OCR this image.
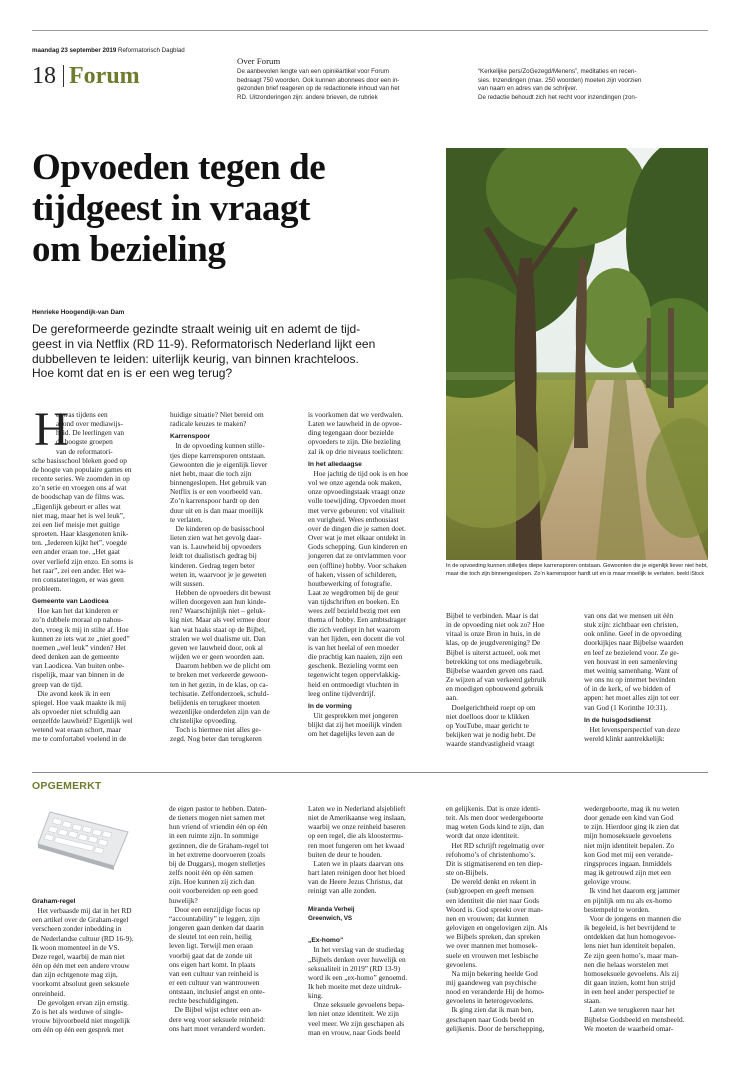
maandag 23 september 2019 Reformatorisch Dagblad
18 Forum
Over Forum
De aanbevolen lengte van een opiniëartikel voor Forum
bedraagt 750 woorden. Ook kunnen abonnees door een in-
gezonden brief reageren op de redactionele inhoud van het
RD. Uitzonderingen zijn: andere brieven, de rubriek
“Kerkelijke pers/ZoGezegd/Menens”, meditaties en recen-
sies. Inzendingen (max. 250 woorden) moeten zijn voorzien
van naam en adres van de schrijver.
De redactie behoudt zich het recht voor inzendingen (zon-
Opvoeden tegen de
tijdgeest in vraagt
om bezieling
Henrieke Hoogendijk-van Dam
De gereformeerde gezindte straalt weinig uit en ademt de tijd-
geest in via Netflix (RD 11-9). Reformatorisch Nederland lijkt een
dubbelleven te leiden: uiterlijk keurig, van binnen krachteloos.
Hoe komt dat en is er een weg terug?
In de opvoeding kunnen stilletjes diepe karrensporen ontstaan. Gewoonten die je eigenlijk liever niet hebt, maar die toch zijn binnengeslopen. Zo’n karrenspoor hardt uit en is maar moeilijk te verlaten. beeld iStock
H
et was tijdens een
avond over mediawijs-
heid. De leerlingen van
de hoogste groepen
van de reformatori-
sche basisschool bleken goed op
de hoogte van populaire games en
recente series. We zoomden in op
zo’n serie en vroegen ons af wat
de boodschap van de films was.
„Eigenlijk gebeurt er alles wat
niet mag, maar het is wel leuk”,
zei een lief meisje met guitige
sproeten. Haar klasgenoten knik-
ten. „Iedereen kijkt het”, voegde
een ander eraan toe. „Het gaat
over verliefd zijn enzo. En soms is
het raar”, zei een ander. Het wa-
ren constateringen, er was geen
probleem.
Gemeente van Laodicea
Hoe kan het dat kinderen er
zo’n dubbele moraal op nahou-
den, vroeg ik mij in stilte af. Hoe
kunnen ze iets wat ze „niet goed”
noemen „wel leuk” vinden? Het
deed denken aan de gemeente
van Laodicea. Van buiten onbe-
rispelijk, maar van binnen in de
greep van de tijd.
Die avond keek ik in een
spiegel. Hoe vaak maakte ik mij
als opvoeder niet schuldig aan
eenzelfde lauwheid? Eigenlijk wel
wetend wat eraan schort, maar
me te comfortabel voelend in de
huidige situatie? Niet bereid om
radicale keuzes te maken?
Karrenspoor
In de opvoeding kunnen stille-
tjes diepe karrensporen ontstaan.
Gewoonten die je eigenlijk liever
niet hebt, maar die toch zijn
binnengeslopen. Het gebruik van
Netflix is er een voorbeeld van.
Zo’n karrenspoor hardt op den
duur uit en is dan maar moeilijk
te verlaten.
De kinderen op de basisschool
lieten zien wat het gevolg daar-
van is. Lauwheid bij opvoeders
leidt tot dualistisch gedrag bij
kinderen. Gedrag tegen beter
weten in, waarvoor je je geweten
wilt sussen.
Hebben de opvoeders dit bewust
willen doorgeven aan hun kinde-
ren? Waarschijnlijk niet – geluk-
kig niet. Maar als veel ermee door
kan wat haaks staat op de Bijbel,
stralen we wel dualisme uit. Dan
geven we lauwheid door, ook al
wijden we er geen woorden aan.
Daarom hebben we de plicht om
te breken met verkeerde gewoon-
ten in het gezin, in de klas, op ca-
techisatie. Zelfonderzoek, schuld-
belijdenis en terugkeer moeten
wezenlijke onderdelen zijn van de
christelijke opvoeding.
Toch is hiermee niet alles ge-
zegd. Nog beter dan terugkeren
is voorkomen dat we verdwalen.
Laten we lauwheid in de opvoe-
ding tegengaan door bezielde
opvoeders te zijn. Die bezieling
zal ik op drie niveaus toelichten:
In het alledaagse
Hoe jachtig de tijd ook is en hoe
vol we onze agenda ook maken,
onze opvoedingstaak vraagt onze
volle toewijding. Opvoeden moet
met verve gebeuren: vol vitaliteit
en vurigheid. Wees enthousiast
over de dingen die je samen doet.
Over wat je met elkaar ontdekt in
Gods schepping. Gun kinderen en
jongeren dat ze ontvlammen voor
een (offline) hobby. Voor schaken
of haken, vissen of schilderen,
houtbewerking of fotografie.
Laat ze wegdromen bij de geur
van tijdschriften en boeken. En
wees zelf bezield bezig met een
thema of hobby. Een ambtsdrager
die zich verdiept in het waarom
van het lijden, een docent die vol
is van het heelal of een moeder
die prachtig kan naaien, zijn een
geschenk. Bezieling vormt een
tegenwicht tegen oppervlakkig-
heid en ontmoedigt vluchten in
leeg online tijdverdrijf.
In de vorming
Uit gesprekken met jongeren
blijkt dat zij het moeilijk vinden
om het dagelijks leven aan de
Bijbel te verbinden. Maar is dat
in de opvoeding niet ook zo? Hoe
vitaal is onze Bron in huis, in de
klas, op de jeugdvereniging? De
Bijbel is uiterst actueel, ook met
betrekking tot ons mediagebruik.
Bijbelse waarden geven ons raad.
Ze wijzen af van verkeerd gebruik
en moedigen opbouwend gebruik
aan.
Doelgerichtheid roept op om
niet doelloos door te klikken
op YouTube, maar gericht te
bekijken wat je nodig hebt. De
waarde standvastigheid vraagt
van ons dat we mensen uit één
stuk zijn: zichtbaar een christen,
ook online. Geef in de opvoeding
doorkijkjes naar Bijbelse waarden
en leef ze bezielend voor. Ze ge-
ven houvast in een samenleving
met weinig samenhang. Want of
we ons nu op internet bevinden
of in de kerk, of we bidden of
appen: het moet alles zijn tot eer
van God (1 Korinthe 10:31).
In de huisgodsdienst
Het levensperspectief van deze
wereld klinkt aantrekkelijk:
OPGEMERKT
Graham-regel
Het verbaasde mij dat in het RD
een artikel over de Graham-regel
verscheen zonder inbedding in
de Nederlandse cultuur (RD 16-9).
Ik woon momenteel in de VS.
Deze regel, waarbij de man niet
één op één met een andere vrouw
dan zijn echtgenote mag zijn,
voorkomt absoluut geen seksuele
onreinheid.
De gevolgen ervan zijn ernstig.
Zo is het als weduwe of single-
vrouw bijvoorbeeld niet mogelijk
om één op één een gesprek met
de eigen pastor te hebben. Daten-
de tieners mogen niet samen met
hun vriend of vriendin één op één
in een ruimte zijn. In sommige
gezinnen, die de Graham-regel tot
in het extreme doorvoeren (zoals
bij de Duggars), mogen stelletjes
zelfs nooit één op één samen
zijn. Hoe kunnen zij zich dan
ooit voorbereiden op een goed
huwelijk?
Door een eenzijdige focus op
“accountability” te leggen, zijn
jongeren gaan denken dat daarin
de sleutel tot een rein, heilig
leven ligt. Terwijl men eraan
voorbij gaat dat de zonde uit
ons eigen hart komt. In plaats
van een cultuur van reinheid is
er een cultuur van wantrouwen
ontstaan, inclusief angst en onte-
rechte beschuldigingen.
De Bijbel wijst echter een an-
dere weg voor seksuele reinheid:
ons hart moet veranderd worden.
Laten we in Nederland alsjeblieft
niet de Amerikaanse weg inslaan,
waarbij we onze reinheid baseren
op een regel, die als kloostermu-
ren moet fungeren om het kwaad
buiten de deur te houden.
Laten we in plaats daarvan ons
hart laten reinigen door het bloed
van de Heere Jezus Christus, dat
reinigt van alle zonden.

Miranda Verheij
Greenwich, VS

„Ex-homo”
In het verslag van de studiedag
„Bijbels denken over huwelijk en
seksualiteit in 2019” (RD 13-9)
word ik een „ex-homo” genoemd.
Ik heb moeite met deze uitdruk-
king.
Onze seksuele gevoelens bepa-
len niet onze identiteit. We zijn
veel meer. We zijn geschapen als
man en vrouw, naar Gods beeld
en gelijkenis. Dat is onze identi-
teit. Als men door wedergeboorte
mag weten Gods kind te zijn, dan
wordt dat onze identiteit.
Het RD schrijft regelmatig over
refohomo’s of christenhomo’s.
Dit is stigmatiserend en ten diep-
ste on-Bijbels.
De wereld denkt en rekent in
(sub)groepen en geeft mensen
een identiteit die niet naar Gods
Woord is. God spreekt over man-
nen en vrouwen; dat kunnen
gelovigen en ongelovigen zijn. Als
we Bijbels spreken, dan spreken
we over mannen met homosek-
suele en vrouwen met lesbische
gevoelens.
Na mijn bekering heelde God
mij gaandeweg van psychische
nood en veranderde Hij de homo-
gevoelens in heterogevoelens.
Ik ging zien dat ik man ben,
geschapen naar Gods beeld en
gelijkenis. Door de herschepping,
wedergeboorte, mag ik nu weten
door genade een kind van God
te zijn. Hierdoor ging ik zien dat
mijn homoseksuele gevoelens
niet mijn identiteit bepalen. Zo
kon God met mij een verande-
ringsproces ingaan. Inmiddels
mag ik getrouwd zijn met een
gelovige vrouw.
Ik vind het daarom erg jammer
en pijnlijk om nu als ex-homo
bestempeld te worden.
Voor de jongens en mannen die
ik begeleid, is het bevrijdend te
ontdekken dat hun homogevoe-
lens niet hun identiteit bepalen.
Ze zijn geen homo’s, maar man-
nen die helaas worstelen met
homoseksuele gevoelens. Als zij
dit gaan inzien, komt hun strijd
in een heel ander perspectief te
staan.
Laten we terugkeren naar het
Bijbelse Godsbeeld en mensbeeld.
We moeten de waarheid omar-
